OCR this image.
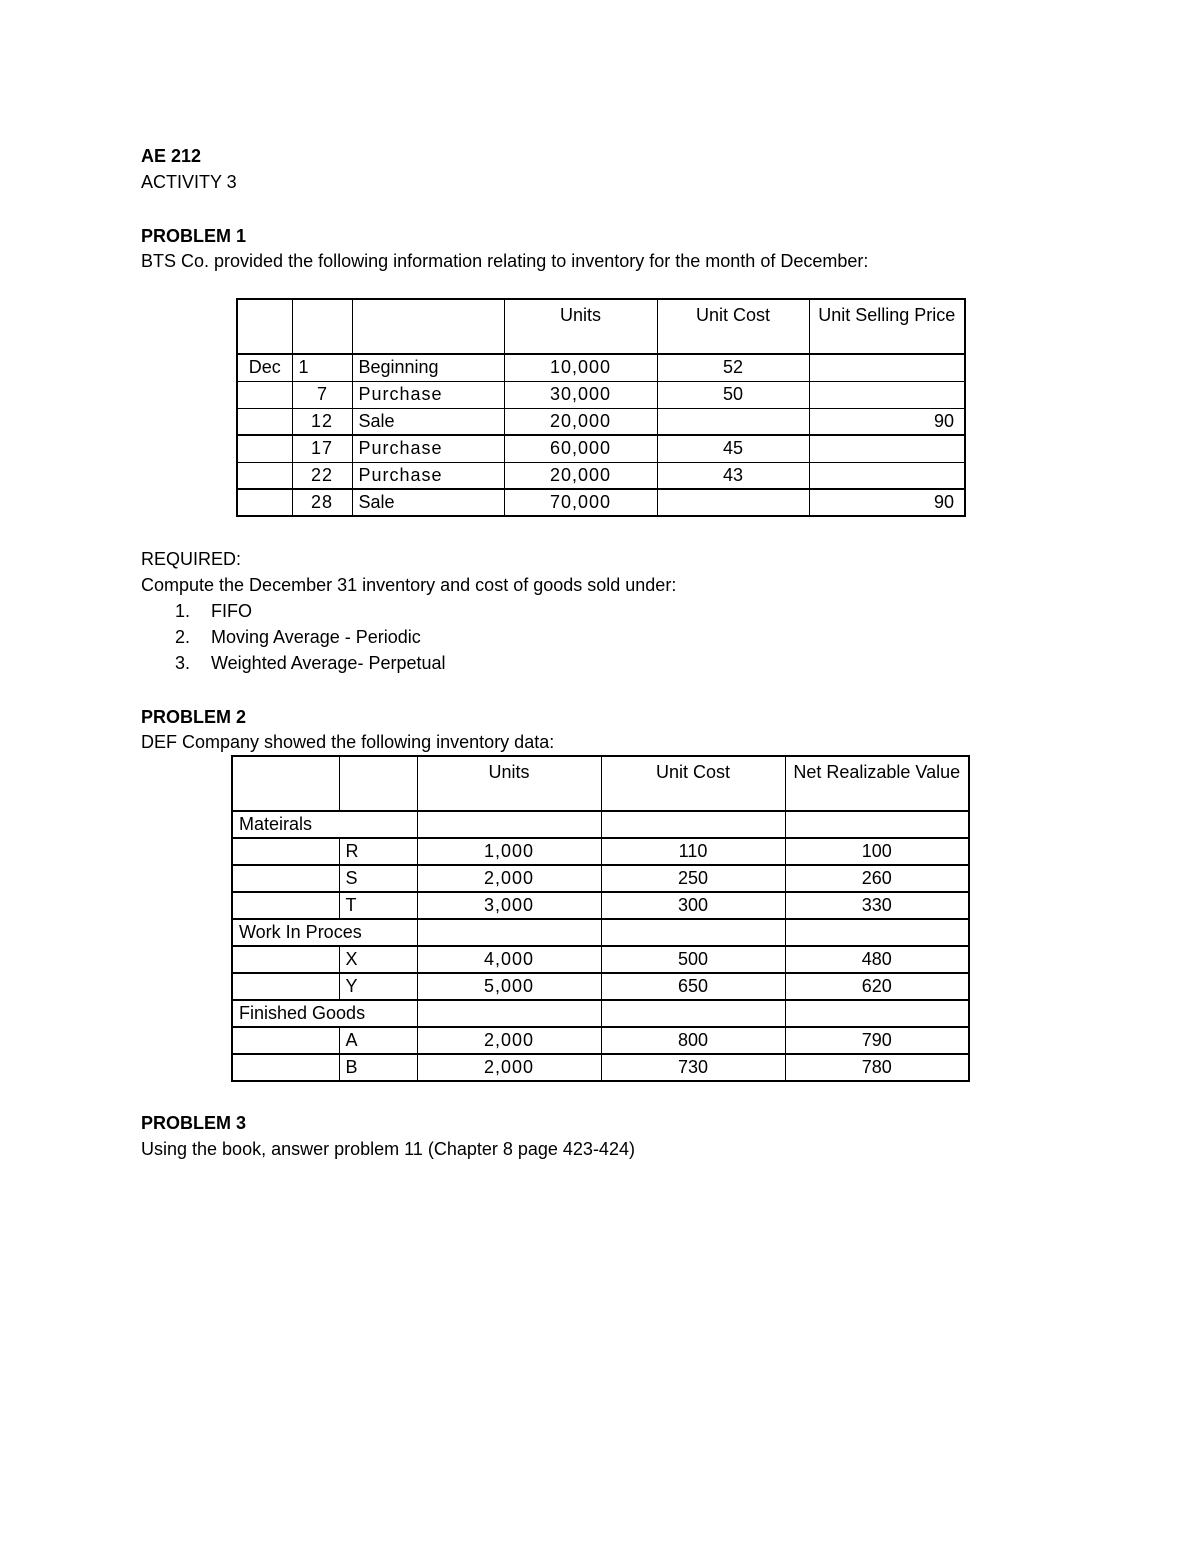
AE 212
ACTIVITY 3
PROBLEM 1
BTS Co. provided the following information relating to inventory for the month of December:
			Units	Unit Cost	Unit Selling Price
Dec	1	Beginning	10,000	52	
	7	Purchase	30,000	50	
	12	Sale	20,000		90
	17	Purchase	60,000	45	
	22	Purchase	20,000	43	
	28	Sale	70,000		90
REQUIRED:
Compute the December 31 inventory and cost of goods sold under:
1. FIFO
2. Moving Average - Periodic
3. Weighted Average- Perpetual
PROBLEM 2
DEF Company showed the following inventory data:
		Units	Unit Cost	Net Realizable Value
Mateirals				
	R	1,000	110	100
	S	2,000	250	260
	T	3,000	300	330
Work In Proces				
	X	4,000	500	480
	Y	5,000	650	620
Finished Goods				
	A	2,000	800	790
	B	2,000	730	780
PROBLEM 3
Using the book, answer problem 11 (Chapter 8 page 423-424)
